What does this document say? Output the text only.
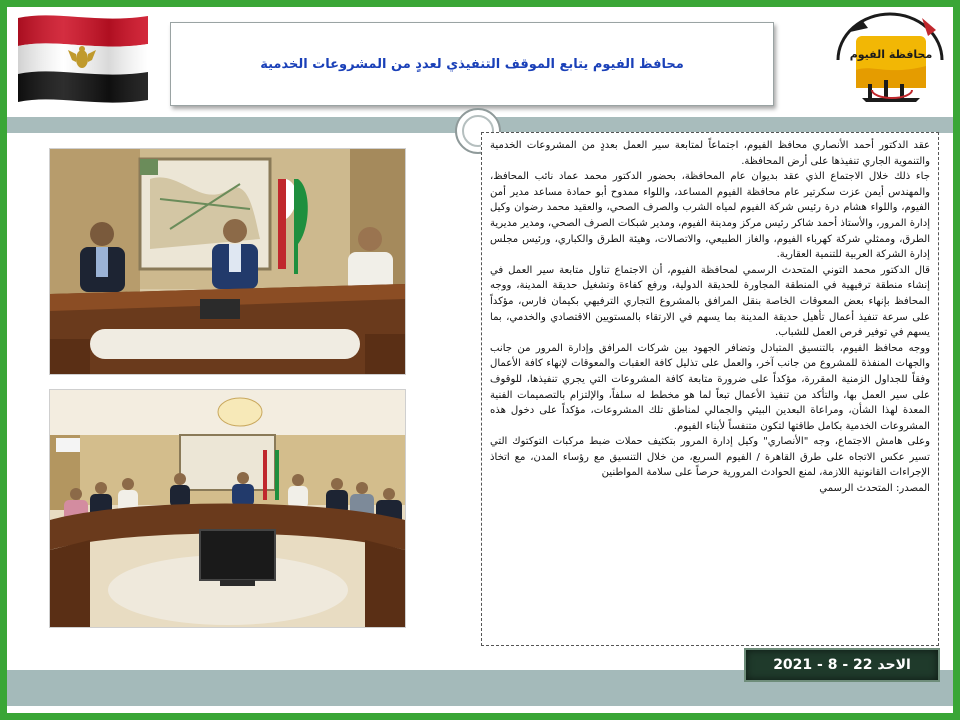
محافظ الفيوم يتابع الموقف التنفيذي لعددٍ من المشروعات الخدمية
محافظة الفيوم

عقد الدكتور أحمد الأنصاري محافظ الفيوم، اجتماعاً لمتابعة سير العمل بعددٍ من المشروعات الخدمية والتنموية الجاري تنفيذها على أرض المحافظة.

جاء ذلك خلال الاجتماع الذي عقد بديوان عام المحافظة، بحضور الدكتور محمد عماد نائب المحافظ، والمهندس أيمن عزت سكرتير عام محافظة الفيوم المساعد، واللواء ممدوح أبو حمادة مساعد مدير أمن الفيوم، واللواء هشام درة رئيس شركة الفيوم لمياه الشرب والصرف الصحي، والعقيد محمد رضوان وكيل إدارة المرور، والأستاذ أحمد شاكر رئيس مركز ومدينة الفيوم، ومدير شبكات الصرف الصحي، ومدير مديرية الطرق، وممثلي شركة كهرباء الفيوم، والغاز الطبيعي، والاتصالات، وهيئة الطرق والكباري، ورئيس مجلس إدارة الشركة العربية للتنمية العقارية.

قال الدكتور محمد التوني المتحدث الرسمي لمحافظة الفيوم، أن الاجتماع تناول متابعة سير العمل في إنشاء منطقة ترفيهية في المنطقة المجاورة للحديقة الدولية، ورفع كفاءة وتشغيل حديقة المدينة، ووجه المحافظ بإنهاء بعض المعوقات الخاصة بنقل المرافق بالمشروع التجاري الترفيهي بكيمان فارس، مؤكداً على سرعة تنفيذ أعمال تأهيل حديقة المدينة بما يسهم في الارتقاء بالمستويين الاقتصادي والخدمي، بما يسهم في توفير فرص العمل للشباب.

ووجه محافظ الفيوم، بالتنسيق المتبادل وتضافر الجهود بين شركات المرافق وإدارة المرور من جانب والجهات المنفذة للمشروع من جانب آخر، والعمل على تذليل كافة العقبات والمعوقات لإنهاء كافة الأعمال وفقاً للجداول الزمنية المقررة، مؤكداً على ضرورة متابعة كافة المشروعات التي يجري تنفيذها، للوقوف على سير العمل بها، والتأكد من تنفيذ الأعمال تبعاً لما هو مخطط له سلفاً، والإلتزام بالتصميمات الفنية المعدة لهذا الشأن، ومراعاة البعدين البيئي والجمالي لمناطق تلك المشروعات، مؤكداً على دخول هذه المشروعات الخدمية بكامل طاقتها لتكون متنفساً لأبناء الفيوم.

وعلى هامش الاجتماع، وجه "الأنصاري" وكيل إدارة المرور بتكثيف حملات ضبط مركبات التوكتوك التي تسير عكس الاتجاه على طرق القاهرة / الفيوم السريع، من خلال التنسيق مع رؤساء المدن، مع اتخاذ الإجراءات القانونية اللازمة، لمنع الحوادث المرورية حرصاً على سلامة المواطنين

المصدر: المتحدث الرسمي

الاحد 22 - 8 - 2021
